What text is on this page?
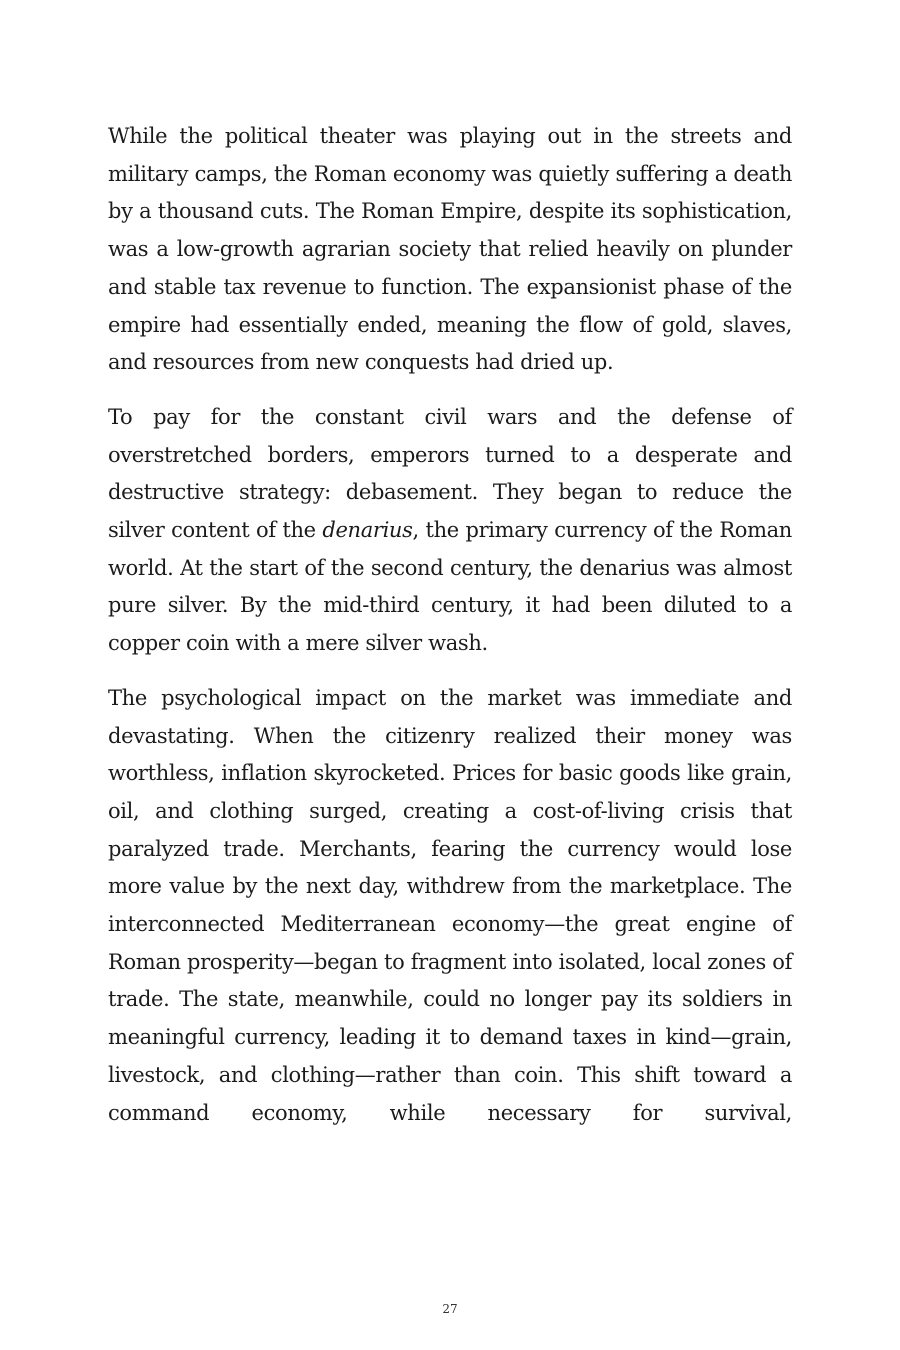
While the political theater was playing out in the streets and military camps, the Roman economy was quietly suffering a death by a thousand cuts. The Roman Empire, despite its sophistication, was a low-growth agrarian society that relied heavily on plunder and stable tax revenue to function. The expansionist phase of the empire had essentially ended, meaning the flow of gold, slaves, and resources from new conquests had dried up.

To pay for the constant civil wars and the defense of overstretched borders, emperors turned to a desperate and destructive strategy: debasement. They began to reduce the silver content of the denarius, the primary currency of the Roman world. At the start of the second century, the denarius was almost pure silver. By the mid-third century, it had been diluted to a copper coin with a mere silver wash.

The psychological impact on the market was immediate and devastating. When the citizenry realized their money was worthless, inflation skyrocketed. Prices for basic goods like grain, oil, and clothing surged, creating a cost-of-living crisis that paralyzed trade. Merchants, fearing the currency would lose more value by the next day, withdrew from the marketplace. The interconnected Mediterranean economy—the great engine of Roman prosperity—began to fragment into isolated, local zones of trade. The state, meanwhile, could no longer pay its soldiers in meaningful currency, leading it to demand taxes in kind—grain, livestock, and clothing—rather than coin. This shift toward a command economy, while necessary for survival,

27
